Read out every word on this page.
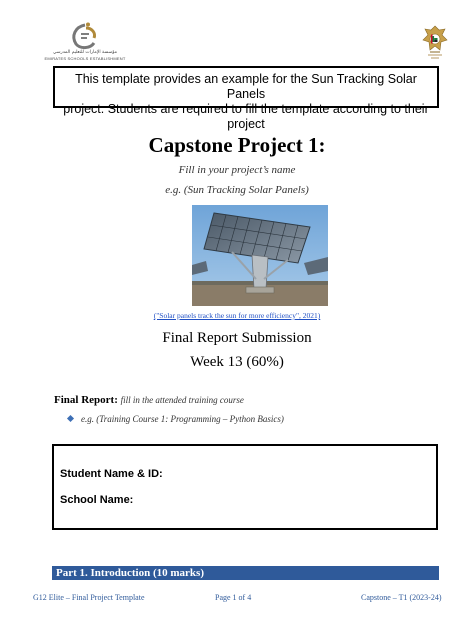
مؤسسة الإمارات للتعليم المدرسي
EMIRATES SCHOOLS ESTABLISHMENT
This template provides an example for the Sun Tracking Solar Panels
project. Students are required to fill the template according to their project
Capstone Project 1:
Fill in your project’s name
e.g. (Sun Tracking Solar Panels)
("Solar panels track the sun for more efficiency", 2021)
Final Report Submission
Week 13 (60%)
Final Report: fill in the attended training course
e.g. (Training Course 1: Programming – Python Basics)
Student Name & ID:
School Name:
Part 1. Introduction (10 marks)
G12 Elite – Final Project Template	Page 1 of 4	Capstone – T1 (2023-24)
